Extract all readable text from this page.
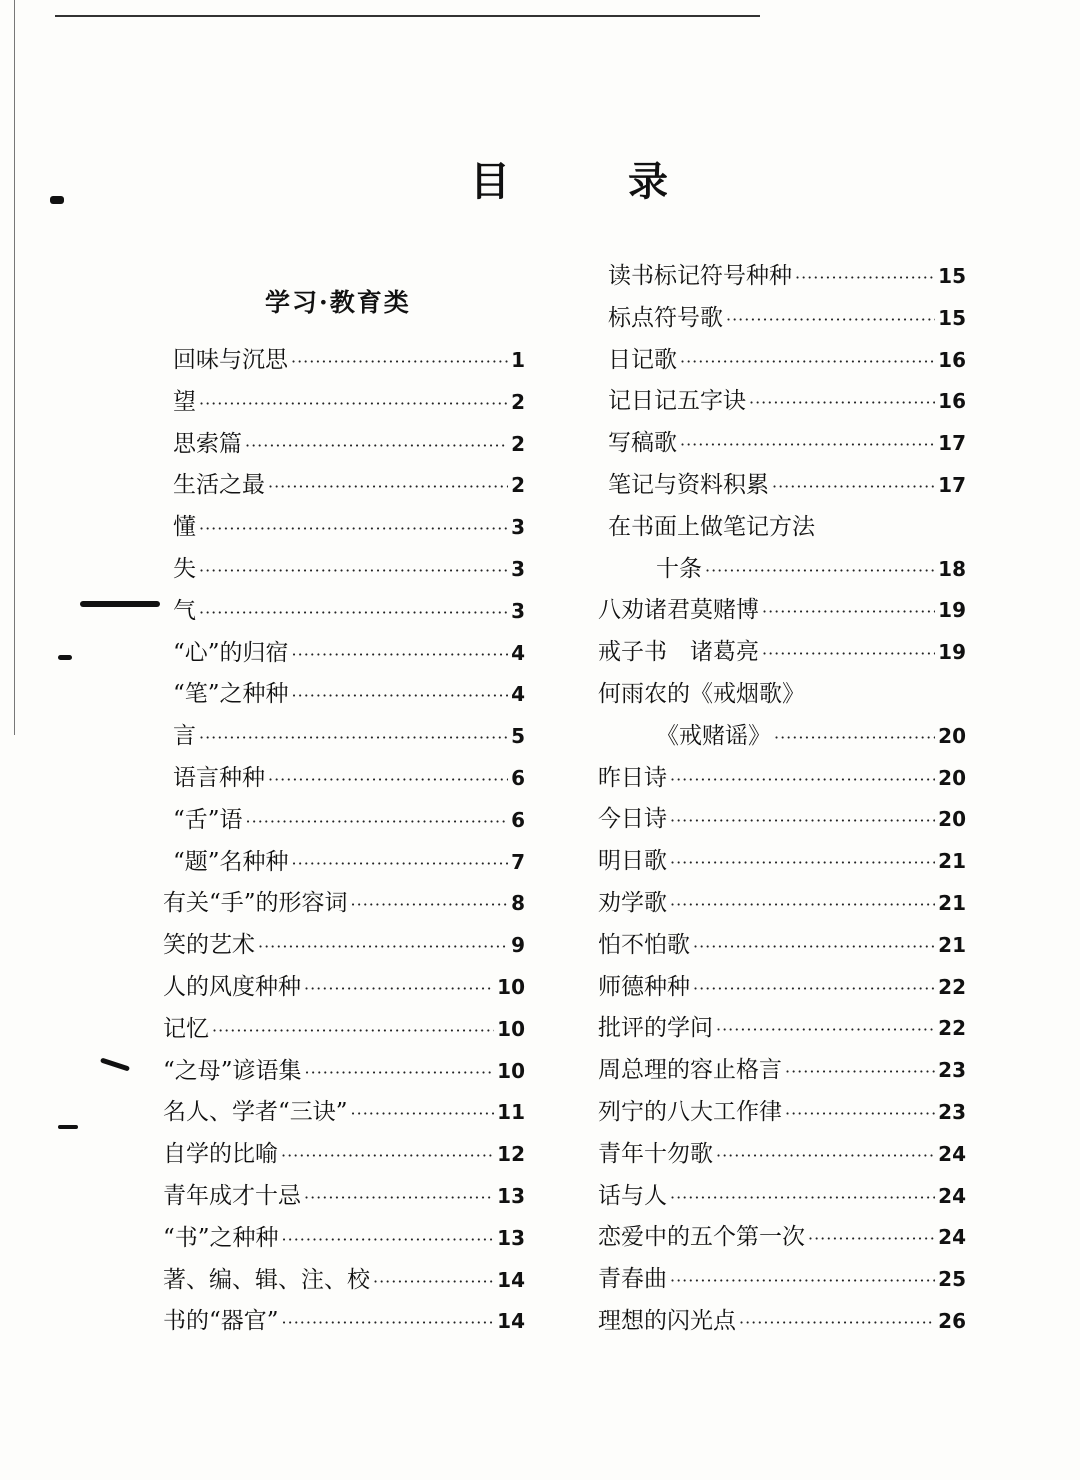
目	录
学习·教育类
回味与沉思 ·····	1
望 ·····	2
思索篇 ·····	2
生活之最 ·····	2
懂 ·····	3
失 ·····	3
气 ·····	3
“心”的归宿 ·····	4
“笔”之种种 ·····	4
言 ·····	5
语言种种 ·····	6
“舌”语 ·····	6
“题”名种种 ·····	7
有关“手”的形容词 ·····	8
笑的艺术 ·····	9
人的风度种种 ·····	10
记忆 ·····	10
“之母”谚语集 ·····	10
名人、学者“三诀” ·····	11
自学的比喻 ·····	12
青年成才十忌 ·····	13
“书”之种种 ·····	13
著、编、辑、注、校 ·····	14
书的“器官” ·····	14
读书标记符号种种 ·····	15
标点符号歌 ·····	15
日记歌 ·····	16
记日记五字诀 ·····	16
写稿歌 ·····	17
笔记与资料积累 ·····	17
在书面上做笔记方法
十条 ·····	18
八劝诸君莫赌博 ·····	19
戒子书　诸葛亮 ·····	19
何雨农的《戒烟歌》
《戒赌谣》 ·····	20
昨日诗 ·····	20
今日诗 ·····	20
明日歌 ·····	21
劝学歌 ·····	21
怕不怕歌 ·····	21
师德种种 ·····	22
批评的学问 ·····	22
周总理的容止格言 ·····	23
列宁的八大工作律 ·····	23
青年十勿歌 ·····	24
话与人 ·····	24
恋爱中的五个第一次 ·····	24
青春曲 ·····	25
理想的闪光点 ·····	26
